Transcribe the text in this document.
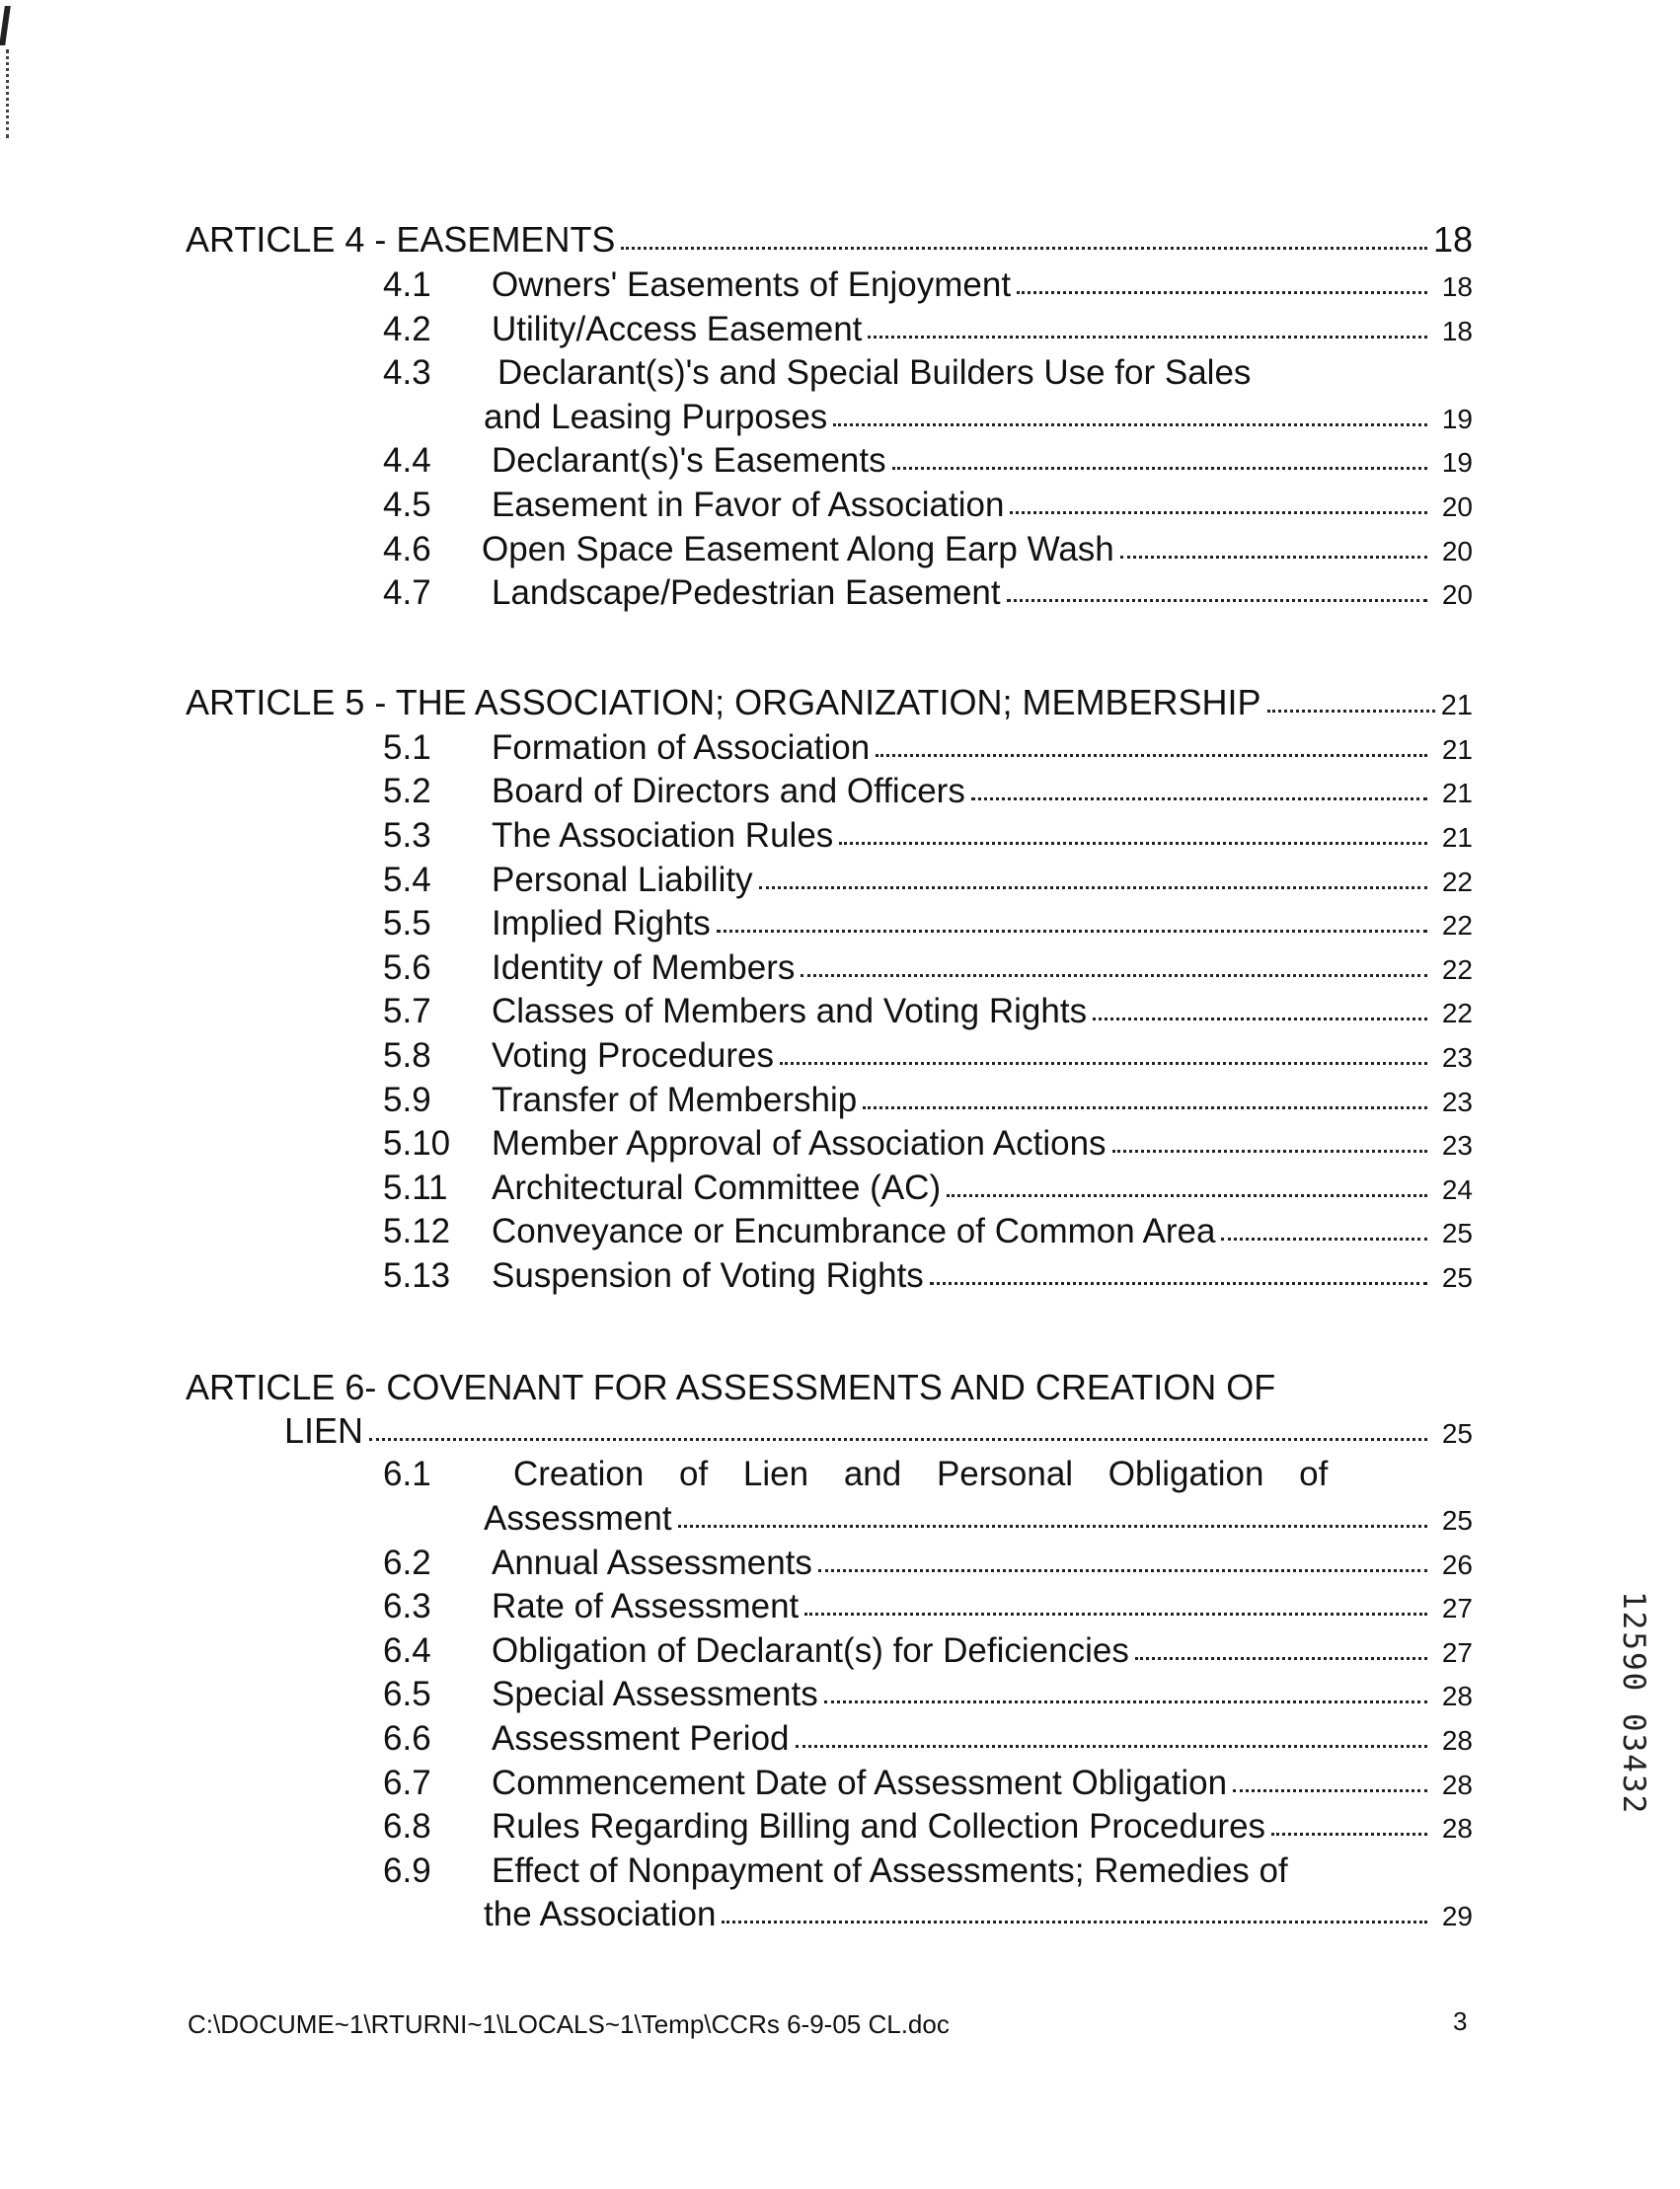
ARTICLE 4 - EASEMENTS	18
4.1	Owners' Easements of Enjoyment	18
4.2	Utility/Access Easement	18
4.3	Declarant(s)'s and Special Builders Use for Sales
and Leasing Purposes	19
4.4	Declarant(s)'s Easements	19
4.5	Easement in Favor of Association	20
4.6	Open Space Easement Along Earp Wash	20
4.7	Landscape/Pedestrian Easement	20
ARTICLE 5 - THE ASSOCIATION; ORGANIZATION; MEMBERSHIP	21
5.1	Formation of Association	21
5.2	Board of Directors and Officers	21
5.3	The Association Rules	21
5.4	Personal Liability	22
5.5	Implied Rights	22
5.6	Identity of Members	22
5.7	Classes of Members and Voting Rights	22
5.8	Voting Procedures	23
5.9	Transfer of Membership	23
5.10	Member Approval of Association Actions	23
5.11	Architectural Committee (AC)	24
5.12	Conveyance or Encumbrance of Common Area	25
5.13	Suspension of Voting Rights	25
ARTICLE 6- COVENANT FOR ASSESSMENTS AND CREATION OF
LIEN	25
6.1	Creation of Lien and Personal Obligation of
Assessment	25
6.2	Annual Assessments	26
6.3	Rate of Assessment	27
6.4	Obligation of Declarant(s) for Deficiencies	27
6.5	Special Assessments	28
6.6	Assessment Period	28
6.7	Commencement Date of Assessment Obligation	28
6.8	Rules Regarding Billing and Collection Procedures	28
6.9	Effect of Nonpayment of Assessments; Remedies of
the Association	29
C:\DOCUME~1\RTURNI~1\LOCALS~1\Temp\CCRs 6-9-05 CL.doc	3
12590 03432
